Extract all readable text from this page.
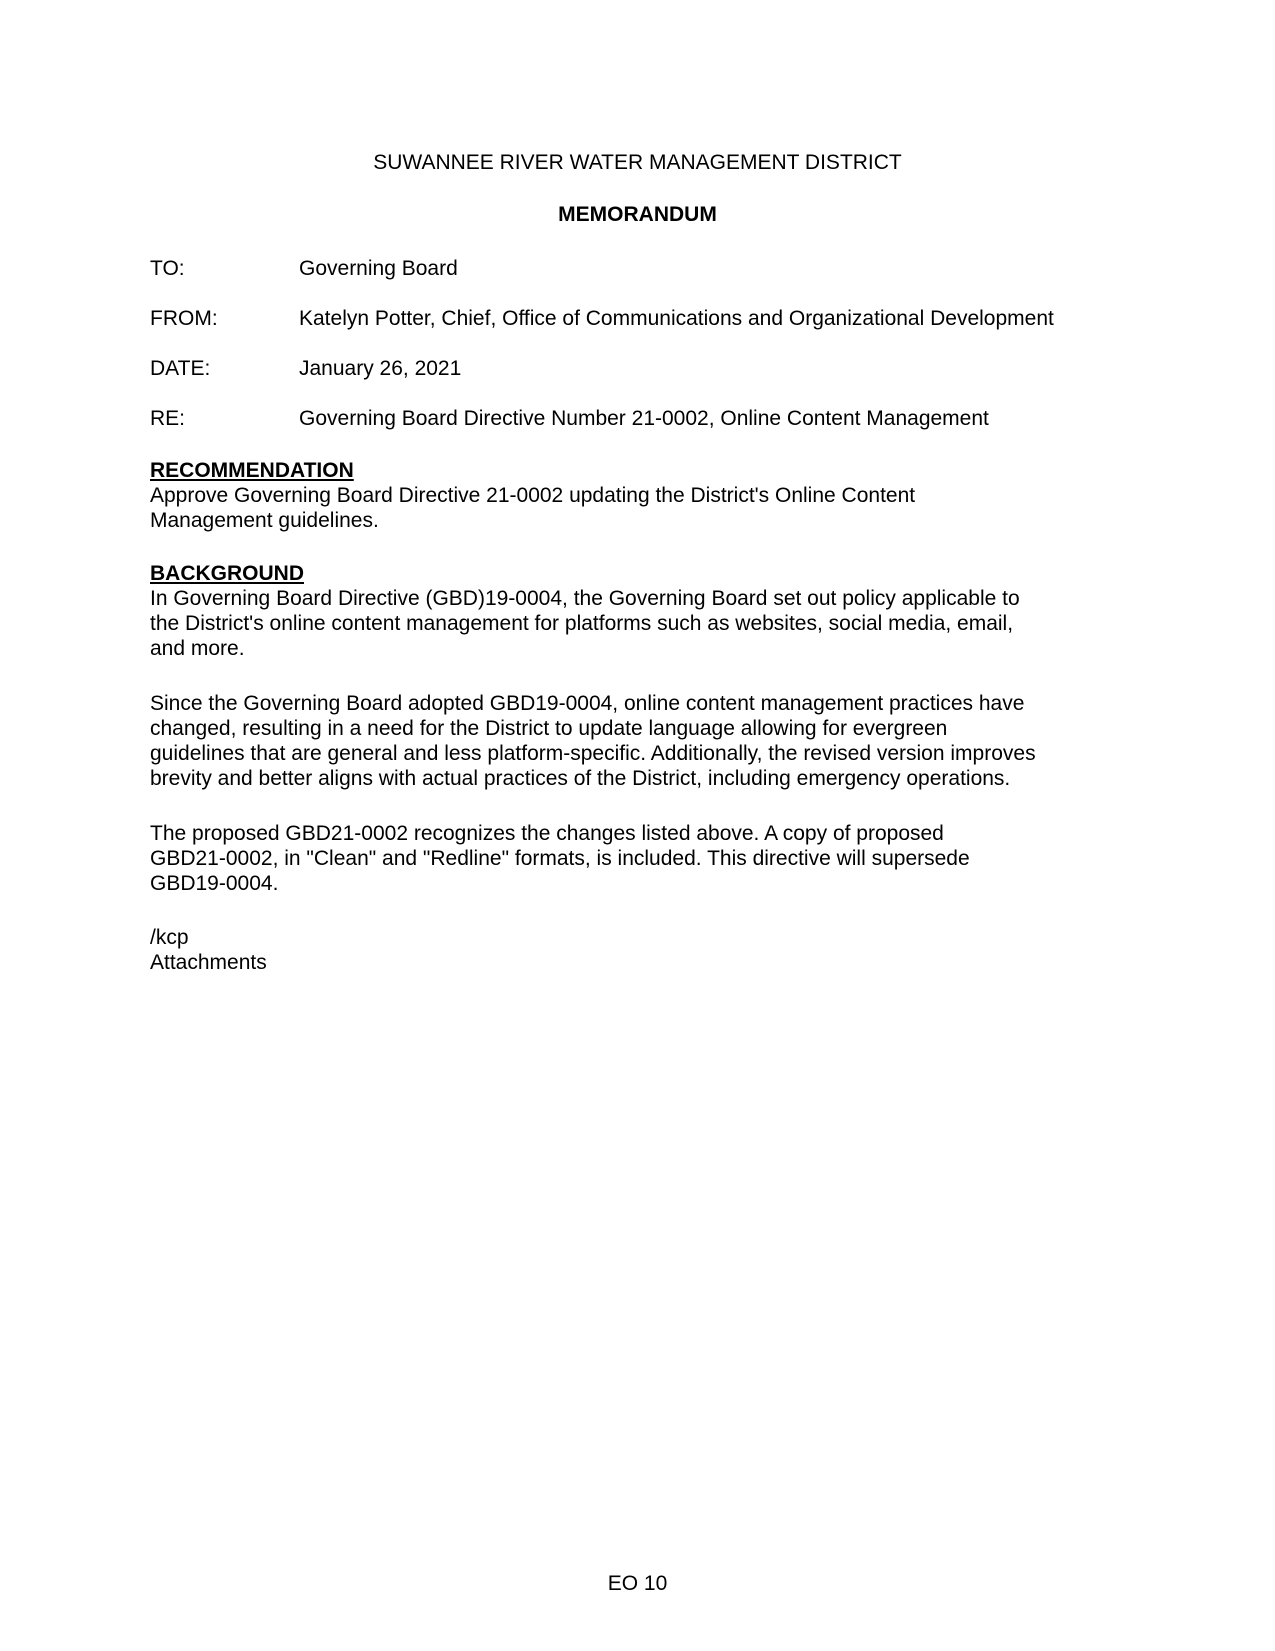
SUWANNEE RIVER WATER MANAGEMENT DISTRICT
MEMORANDUM
TO:	Governing Board
FROM:	Katelyn Potter, Chief, Office of Communications and Organizational Development
DATE:	January 26, 2021
RE:	Governing Board Directive Number 21-0002, Online Content Management

RECOMMENDATION

Approve Governing Board Directive 21-0002 updating the District's Online Content

Management guidelines.

BACKGROUND

In Governing Board Directive (GBD)19-0004, the Governing Board set out policy applicable to

the District's online content management for platforms such as websites, social media, email,

and more.

Since the Governing Board adopted GBD19-0004, online content management practices have

changed, resulting in a need for the District to update language allowing for evergreen

guidelines that are general and less platform-specific. Additionally, the revised version improves

brevity and better aligns with actual practices of the District, including emergency operations.

The proposed GBD21-0002 recognizes the changes listed above. A copy of proposed

GBD21-0002, in "Clean" and "Redline" formats, is included. This directive will supersede

GBD19-0004.

/kcp

Attachments

EO 10
